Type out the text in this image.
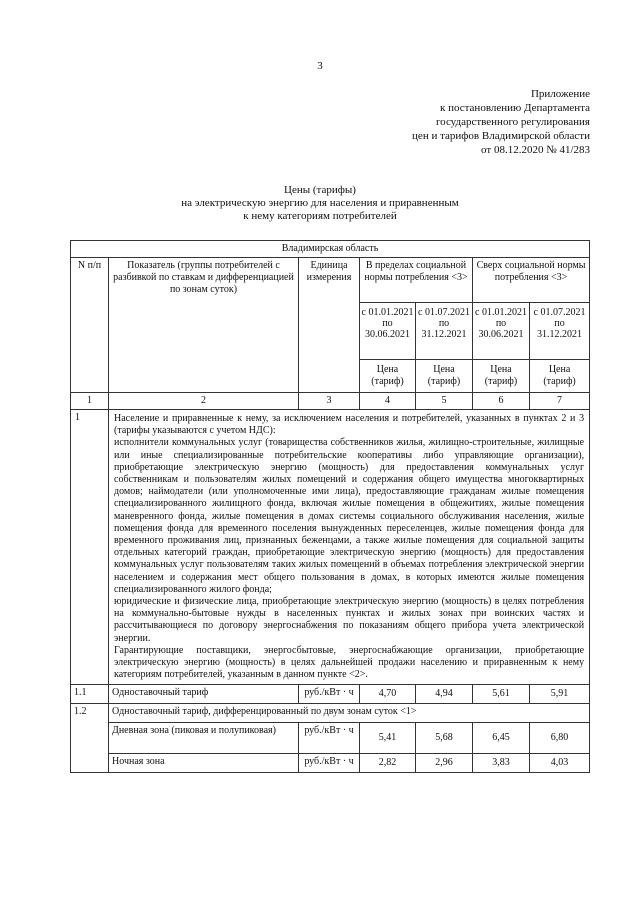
3
Приложение
к постановлению Департамента
государственного регулирования
цен и тарифов Владимирской области
от 08.12.2020 № 41/283
Цены (тарифы)
на электрическую энергию для населения и приравненным
к нему категориям потребителей
Владимирская область						
N п/п	Показатель (группы потребителей с разбивкой по ставкам и дифференциацией по зонам суток)	Единица измерения	В пределах социальной нормы потребления <3>		Сверх социальной нормы потребления <3>	
			с 01.01.2021 по 30.06.2021	с 01.07.2021 по 31.12.2021	с 01.01.2021 по 30.06.2021	с 01.07.2021 по 31.12.2021
			Цена (тариф)	Цена (тариф)	Цена (тариф)	Цена (тариф)
1	2	3	4	5	6	7
1	Население и приравненные к нему, за исключением населения и потребителей, указанных в пунктах 2 и 3 (тарифы указываются с учетом НДС):

исполнители коммунальных услуг (товарищества собственников жилья, жилищно-строительные, жилищные или иные специализированные потребительские кооперативы либо управляющие организации), приобретающие электрическую энергию (мощность) для предоставления коммунальных услуг собственникам и пользователям жилых помещений и содержания общего имущества многоквартирных домов; наймодатели (или уполномоченные ими лица), предоставляющие гражданам жилые помещения специализированного жилищного фонда, включая жилые помещения в общежитиях, жилые помещения маневренного фонда, жилые помещения в домах системы социального обслуживания населения, жилые помещения фонда для временного поселения вынужденных переселенцев, жилые помещения фонда для временного проживания лиц, признанных беженцами, а также жилые помещения для социальной защиты отдельных категорий граждан, приобретающие электрическую энергию (мощность) для предоставления коммунальных услуг пользователям таких жилых помещений в объемах потребления электрической энергии населением и содержания мест общего пользования в домах, в которых имеются жилые помещения специализированного жилого фонда;

юридические и физические лица, приобретающие электрическую энергию (мощность) в целях потребления на коммунально-бытовые нужды в населенных пунктах и жилых зонах при воинских частях и рассчитывающиеся по договору энергоснабжения по показаниям общего прибора учета электрической энергии.

Гарантирующие поставщики, энергосбытовые, энергоснабжающие организации, приобретающие электрическую энергию (мощность) в целях дальнейшей продажи населению и приравненным к нему категориям потребителей, указанным в данном пункте <2>.					

1.1	Одноставочный тариф	руб./кВт · ч	4,70	4,94	5,61	5,91
1.2	Одноставочный тариф, дифференцированный по двум зонам суток <1>					
	Дневная зона (пиковая и полупиковая)	руб./кВт · ч	5,41	5,68	6,45	6,80
	Ночная зона	руб./кВт · ч	2,82	2,96	3,83	4,03
